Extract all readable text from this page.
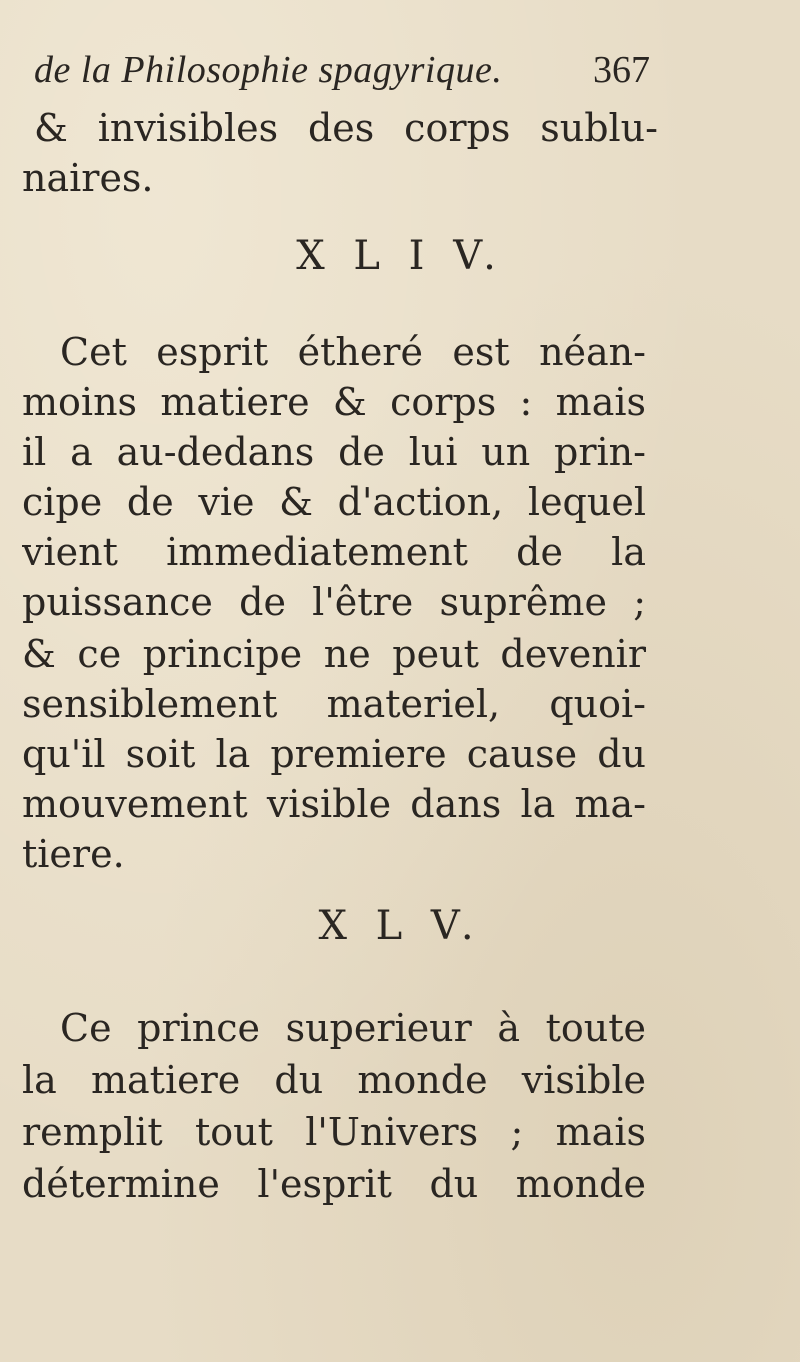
de la Philosophie spagyrique. 367
& invisibles des corps sublu-
naires.
X L I V.
Cet esprit étheré est néan-
moins matiere & corps : mais
il a au-dedans de lui un prin-
cipe de vie & d'action, lequel
vient immediatement de la
puissance de l'être suprême ;
& ce principe ne peut devenir
sensiblement materiel, quoi-
qu'il soit la premiere cause du
mouvement visible dans la ma-
tiere.
X L V.
Ce prince superieur à toute
la matiere du monde visible
remplit tout l'Univers ; mais
détermine l'esprit du monde
